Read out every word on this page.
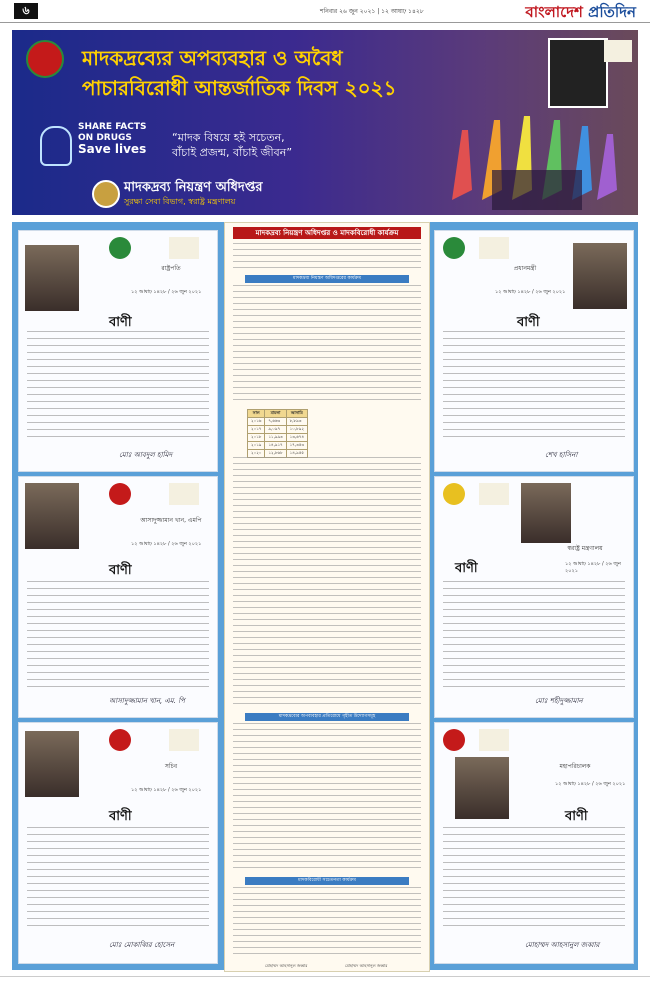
৬	শনিবার ২৬ জুন ২০২১ | ১২ আষাঢ় ১৪২৮	বাংলাদেশ প্রতিদিন
মাদকদ্রব্যের অপব্যবহার ও অবৈধ
পাচারবিরোধী আন্তর্জাতিক দিবস ২০২১
SHARE FACTS
ON DRUGS
Save lives
“মাদক বিষয়ে হই সচেতন,
বাঁচাই প্রজন্ম, বাঁচাই জীবন”
মাদকদ্রব্য নিয়ন্ত্রণ অধিদপ্তর
সুরক্ষা সেবা বিভাগ, স্বরাষ্ট্র মন্ত্রণালয়
রাষ্ট্রপতি
১২ আষাঢ় ১৪২৮ / ২৬ জুন ২০২১
বাণী
মোঃ আবদুল হামিদ
আসাদুজ্জামান খান, এমপি
১২ আষাঢ় ১৪২৮ / ২৬ জুন ২০২১
বাণী
আসাদুজ্জামান খান, এম. পি
সচিব
১২ আষাঢ় ১৪২৮ / ২৬ জুন ২০২১
বাণী
মোঃ মোকাব্বির হোসেন
মাদকদ্রব্য নিয়ন্ত্রণ অধিদপ্তর ও মাদকবিরোধী কার্যক্রম
মাদকদ্রব্য নিয়ন্ত্রণ অধিদপ্তরের কার্যক্রম
সাল	মামলা	আসামি
২০১৬	৭,৬৬৩	৮,৮৯৩
২০১৭	৯,০৯৭	১০,৮৯২
২০১৮	১১,৯৯৩	১৩,৬৭৪
২০১৯	১৪,৯১৭	১৭,৩৫৩
২০২০	১২,৮৬৮	১৪,৯৫৫
মাদকদ্রব্যের অপব্যবহার প্রতিরোধে গৃহীত উদ্যোগসমূহ
মাদকবিরোধী সচেতনতা কার্যক্রম
মোহাম্মদ আহসানুল জব্বার	মোহাম্মদ আহসানুল জব্বার
প্রধানমন্ত্রী
১২ আষাঢ় ১৪২৮ / ২৬ জুন ২০২১
বাণী
শেখ হাসিনা
স্বরাষ্ট্র মন্ত্রণালয়
১২ আষাঢ় ১৪২৮ / ২৬ জুন ২০২১
বাণী
মোঃ শহীদুজ্জামান
মহাপরিচালক
১২ আষাঢ় ১৪২৮ / ২৬ জুন ২০২১
বাণী
মোহাম্মদ আহসানুল জব্বার
